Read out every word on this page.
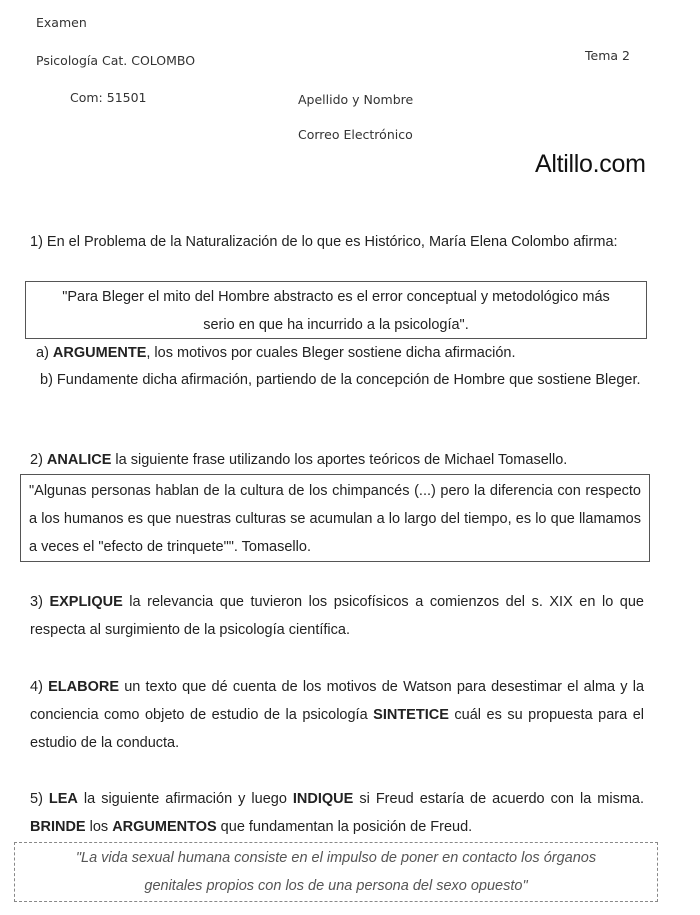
Examen
Psicología Cat. COLOMBO	Tema 2
Com: 51501	Apellido y Nombre
Correo Electrónico
Altillo.com
1) En el Problema de la Naturalización de lo que es Histórico, María Elena Colombo afirma:
"Para Bleger el mito del Hombre abstracto es el error conceptual y metodológico más
serio en que ha incurrido a la psicología".
a) ARGUMENTE, los motivos por cuales Bleger sostiene dicha afirmación.
b) Fundamente dicha afirmación, partiendo de la concepción de Hombre que sostiene Bleger.
2) ANALICE la siguiente frase utilizando los aportes teóricos de Michael Tomasello.
"Algunas personas hablan de la cultura de los chimpancés (...) pero la diferencia con respecto a los humanos es que nuestras culturas se acumulan a lo largo del tiempo, es lo que llamamos a veces el "efecto de trinquete"". Tomasello.
3) EXPLIQUE la relevancia que tuvieron los psicofísicos a comienzos del s. XIX en lo que respecta al surgimiento de la psicología científica.
4) ELABORE un texto que dé cuenta de los motivos de Watson para desestimar el alma y la conciencia como objeto de estudio de la psicología SINTETICE cuál es su propuesta para el estudio de la conducta.
5) LEA la siguiente afirmación y luego INDIQUE si Freud estaría de acuerdo con la misma. BRINDE los ARGUMENTOS que fundamentan la posición de Freud.
"La vida sexual humana consiste en el impulso de poner en contacto los órganos
genitales propios con los de una persona del sexo opuesto"
